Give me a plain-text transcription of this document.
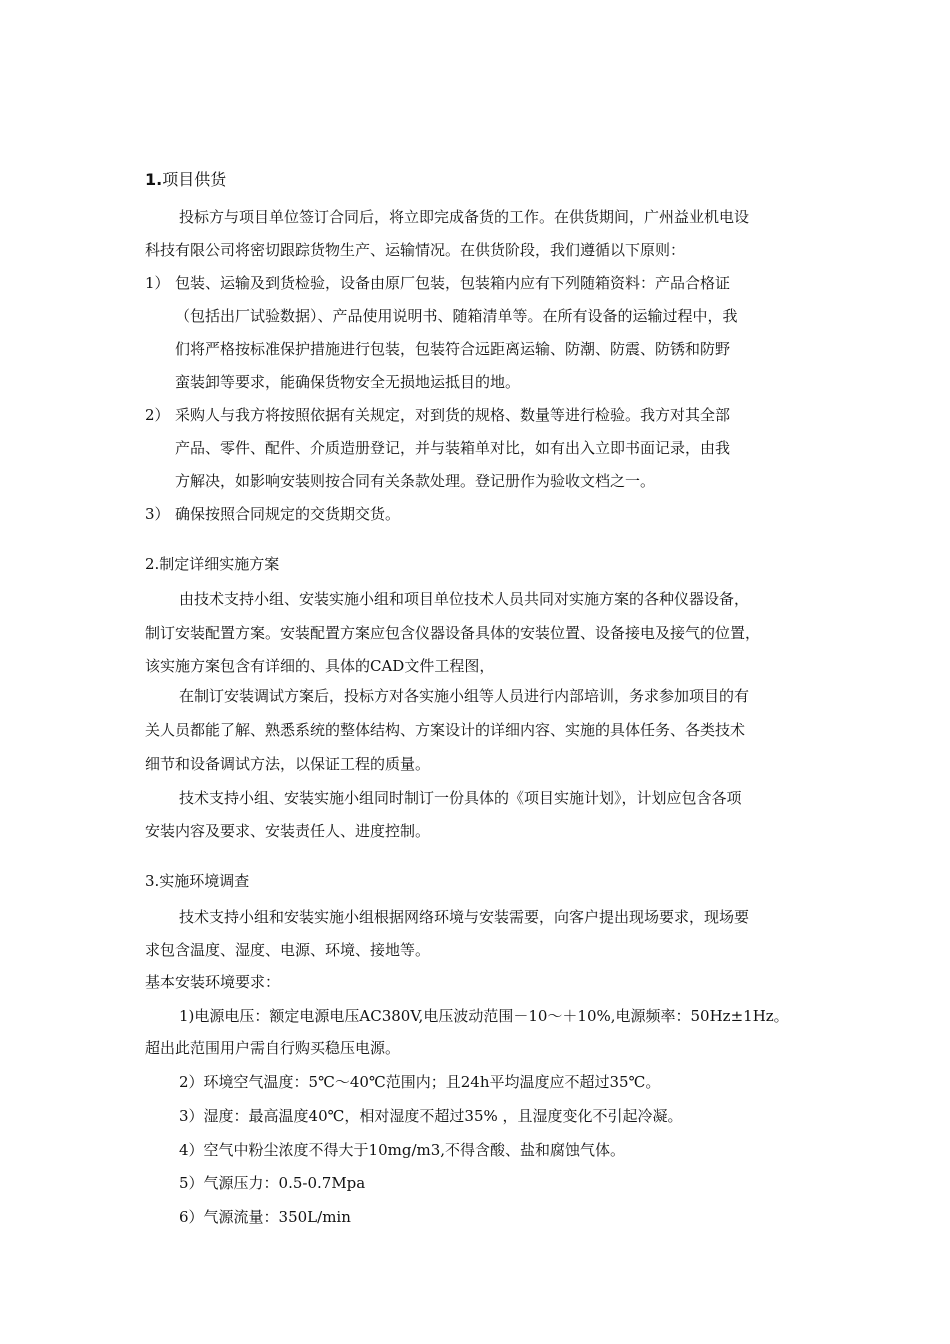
1.项目供货
投标方与项目单位签订合同后，将立即完成备货的工作。在供货期间，广州益业机电设
科技有限公司将密切跟踪货物生产、运输情况。在供货阶段，我们遵循以下原则：
1） 包装、运输及到货检验，设备由原厂包装，包装箱内应有下列随箱资料：产品合格证
（包括出厂试验数据）、产品使用说明书、随箱清单等。在所有设备的运输过程中，我
们将严格按标准保护措施进行包装，包装符合远距离运输、防潮、防震、防锈和防野
蛮装卸等要求，能确保货物安全无损地运抵目的地。
2） 采购人与我方将按照依据有关规定，对到货的规格、数量等进行检验。我方对其全部
产品、零件、配件、介质造册登记，并与装箱单对比，如有出入立即书面记录，由我
方解决，如影响安装则按合同有关条款处理。登记册作为验收文档之一。
3） 确保按照合同规定的交货期交货。
2.制定详细实施方案
由技术支持小组、安装实施小组和项目单位技术人员共同对实施方案的各种仪器设备，
制订安装配置方案。安装配置方案应包含仪器设备具体的安装位置、设备接电及接气的位置，
该实施方案包含有详细的、具体的CAD文件工程图，
在制订安装调试方案后，投标方对各实施小组等人员进行内部培训，务求参加项目的有
关人员都能了解、熟悉系统的整体结构、方案设计的详细内容、实施的具体任务、各类技术
细节和设备调试方法，以保证工程的质量。
技术支持小组、安装实施小组同时制订一份具体的《项目实施计划》，计划应包含各项
安装内容及要求、安装责任人、进度控制。
3.实施环境调查
技术支持小组和安装实施小组根据网络环境与安装需要，向客户提出现场要求，现场要
求包含温度、湿度、电源、环境、接地等。
基本安装环境要求：
1)电源电压：额定电源电压AC380V,电压波动范围－10～＋10%,电源频率：50Hz±1Hz。
超出此范围用户需自行购买稳压电源。
2）环境空气温度：5℃～40℃范围内；且24h平均温度应不超过35℃。
3）湿度：最高温度40℃，相对湿度不超过35% ，且湿度变化不引起冷凝。
4）空气中粉尘浓度不得大于10mg/m3,不得含酸、盐和腐蚀气体。
5）气源压力：0.5-0.7Mpa
6）气源流量：350L/min
